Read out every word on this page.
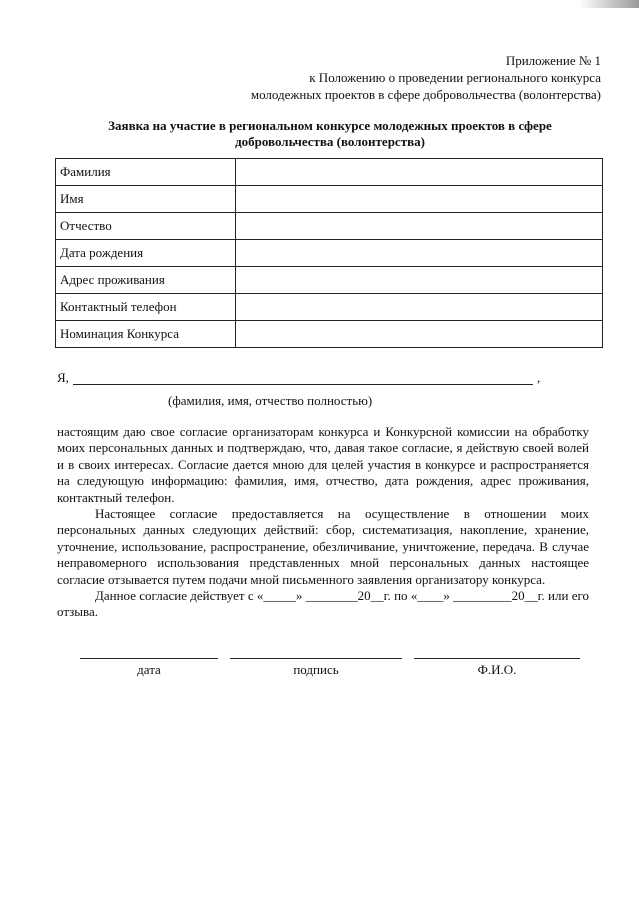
Приложение № 1
к Положению о проведении регионального конкурса
молодежных проектов в сфере добровольчества (волонтерства)
Заявка на участие в региональном конкурсе молодежных проектов в сфере
добровольчества (волонтерства)
Фамилия	
Имя	
Отчество	
Дата рождения	
Адрес проживания	
Контактный телефон	
Номинация Конкурса	
Я,	,
(фамилия, имя, отчество полностью)

настоящим даю свое согласие организаторам конкурса и Конкурсной комиссии на обработку моих персональных данных и подтверждаю, что, давая такое согласие, я действую своей волей и в своих интересах. Согласие дается мною для целей участия в конкурсе и распространяется на следующую информацию: фамилия, имя, отчество, дата рождения, адрес проживания, контактный телефон.

Настоящее согласие предоставляется на осуществление в отношении моих персональных данных следующих действий: сбор, систематизация, накопление, хранение, уточнение, использование, распространение, обезличивание, уничтожение, передача. В случае неправомерного использования представленных мной персональных данных настоящее согласие отзывается путем подачи мной письменного заявления организатору конкурса.

Данное согласие действует с «_____» ________20__г. по «____» _________20__г. или его отзыва.

дата	подпись	Ф.И.О.
